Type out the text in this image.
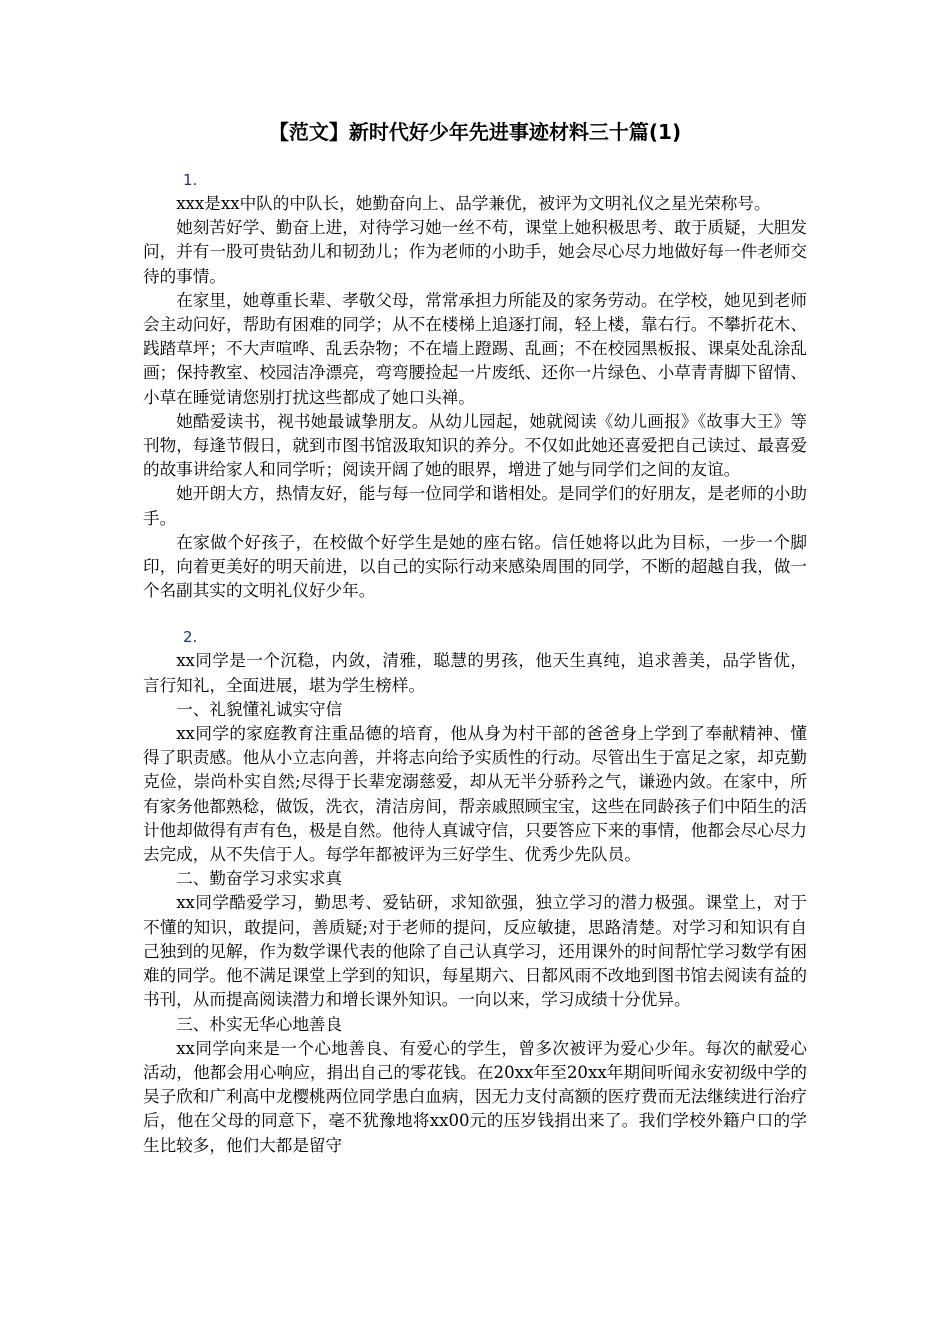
【范文】新时代好少年先进事迹材料三十篇(1)
1.

xxx是xx中队的中队长，她勤奋向上、品学兼优，被评为文明礼仪之星光荣称号。

她刻苦好学、勤奋上进，对待学习她一丝不苟，课堂上她积极思考、敢于质疑，大胆发问，并有一股可贵钻劲儿和韧劲儿；作为老师的小助手，她会尽心尽力地做好每一件老师交待的事情。

在家里，她尊重长辈、孝敬父母，常常承担力所能及的家务劳动。在学校，她见到老师会主动问好，帮助有困难的同学；从不在楼梯上追逐打闹，轻上楼，靠右行。不攀折花木、践踏草坪；不大声喧哗、乱丢杂物；不在墙上蹬踢、乱画；不在校园黑板报、课桌处乱涂乱画；保持教室、校园洁净漂亮，弯弯腰捡起一片废纸、还你一片绿色、小草青青脚下留情、小草在睡觉请您别打扰这些都成了她口头禅。

她酷爱读书，视书她最诚挚朋友。从幼儿园起，她就阅读《幼儿画报》《故事大王》等刊物，每逢节假日，就到市图书馆汲取知识的养分。不仅如此她还喜爱把自己读过、最喜爱的故事讲给家人和同学听；阅读开阔了她的眼界，增进了她与同学们之间的友谊。

她开朗大方，热情友好，能与每一位同学和谐相处。是同学们的好朋友，是老师的小助手。

在家做个好孩子，在校做个好学生是她的座右铭。信任她将以此为目标，一步一个脚印，向着更美好的明天前进，以自己的实际行动来感染周围的同学，不断的超越自我，做一个名副其实的文明礼仪好少年。

2.

xx同学是一个沉稳，内敛，清雅，聪慧的男孩，他天生真纯，追求善美，品学皆优，言行知礼，全面进展，堪为学生榜样。

一、礼貌懂礼诚实守信

xx同学的家庭教育注重品德的培育，他从身为村干部的爸爸身上学到了奉献精神、懂得了职责感。他从小立志向善，并将志向给予实质性的行动。尽管出生于富足之家，却克勤克俭，崇尚朴实自然;尽得于长辈宠溺慈爱，却从无半分骄矜之气，谦逊内敛。在家中，所有家务他都熟稔，做饭，洗衣，清洁房间，帮亲戚照顾宝宝，这些在同龄孩子们中陌生的活计他却做得有声有色，极是自然。他待人真诚守信，只要答应下来的事情，他都会尽心尽力去完成，从不失信于人。每学年都被评为三好学生、优秀少先队员。

二、勤奋学习求实求真

xx同学酷爱学习，勤思考、爱钻研，求知欲强，独立学习的潜力极强。课堂上，对于不懂的知识，敢提问，善质疑;对于老师的提问，反应敏捷，思路清楚。对学习和知识有自己独到的见解，作为数学课代表的他除了自己认真学习，还用课外的时间帮忙学习数学有困难的同学。他不满足课堂上学到的知识，每星期六、日都风雨不改地到图书馆去阅读有益的书刊，从而提高阅读潜力和增长课外知识。一向以来，学习成绩十分优异。

三、朴实无华心地善良

xx同学向来是一个心地善良、有爱心的学生，曾多次被评为爱心少年。每次的献爱心活动，他都会用心响应，捐出自己的零花钱。在20xx年至20xx年期间听闻永安初级中学的吴子欣和广利高中龙樱桃两位同学患白血病，因无力支付高额的医疗费而无法继续进行治疗后，他在父母的同意下，毫不犹豫地将xx00元的压岁钱捐出来了。我们学校外籍户口的学生比较多，他们大都是留守
